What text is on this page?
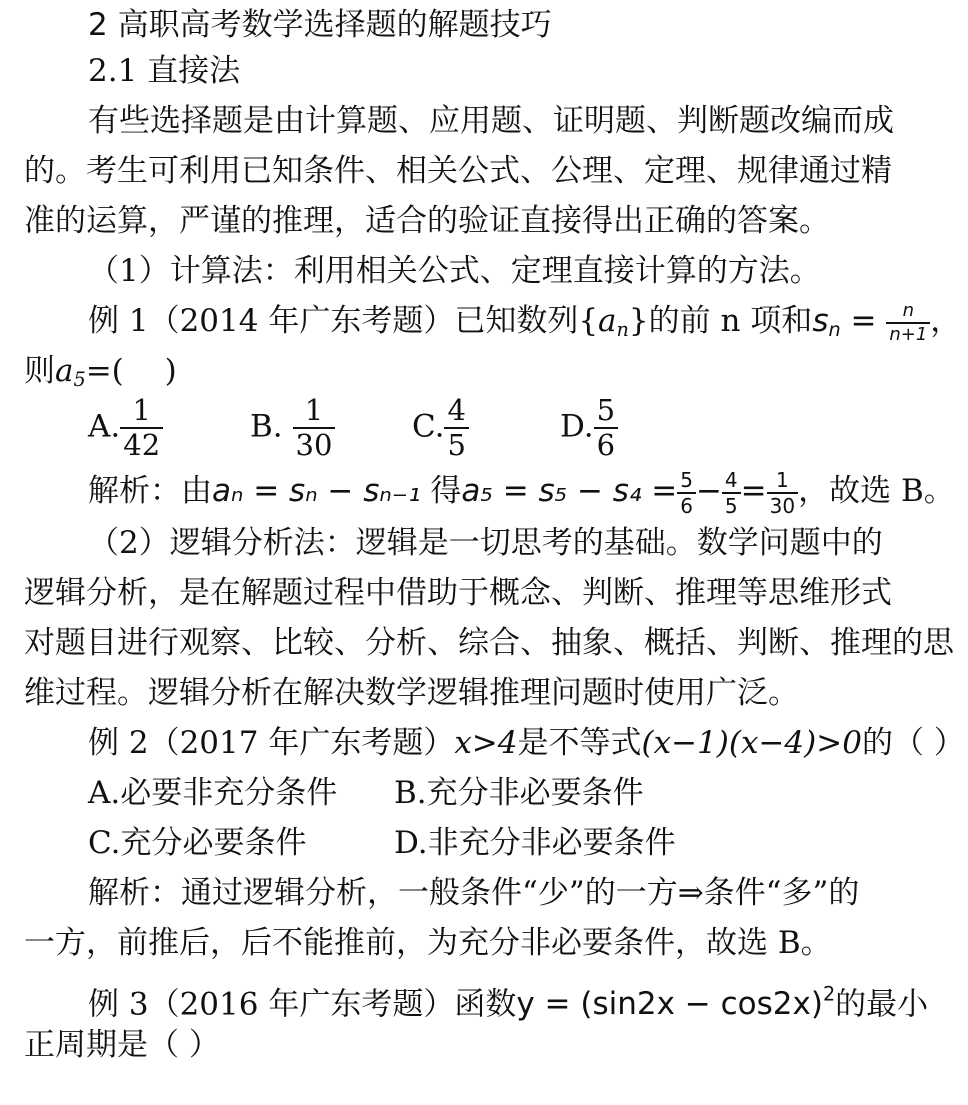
2 高职高考数学选择题的解题技巧
2.1 直接法
有些选择题是由计算题、应用题、证明题、判断题改编而成
的。考生可利用已知条件、相关公式、公理、定理、规律通过精
准的运算，严谨的推理，适合的验证直接得出正确的答案。
（1）计算法：利用相关公式、定理直接计算的方法。
例 1（2014 年广东考题）已知数列$\{a_n\}$的前 n 项和$s_n = \frac{n}{n+1}$ ，
则$a_5=$(　 )
A. $\frac{1}{42}$	B. $\frac{1}{30} C$. $\frac{4}{5}$	D. $\frac{5}{6}$
解析：由aₙ = sₙ − sₙ₋₁ 得$a_5 = s_5 - s_4 = \frac{5}{6} - \frac{4}{5} = \frac{1}{30}$ ，故选 B。
（2）逻辑分析法：逻辑是一切思考的基础。数学问题中的
逻辑分析，是在解题过程中借助于概念、判断、推理等思维形式
对题目进行观察、比较、分析、综合、抽象、概括、判断、推理的思
维过程。逻辑分析在解决数学逻辑推理问题时使用广泛。
例 2（2017 年广东考题）x>4是不等式(x−1)(x−4)>0的（ ）
A.必要非充分条件 B.充分非必要条件
C.充分必要条件	D.非充分非必要条件
解析：通过逻辑分析，一般条件“少”的一方⇒条件“多”的
一方，前推后，后不能推前，为充分非必要条件，故选 B。
例 3（2016 年广东考题）函数$y = (\sin 2x - \cos 2x)^2$的最小
正周期是（ ）
